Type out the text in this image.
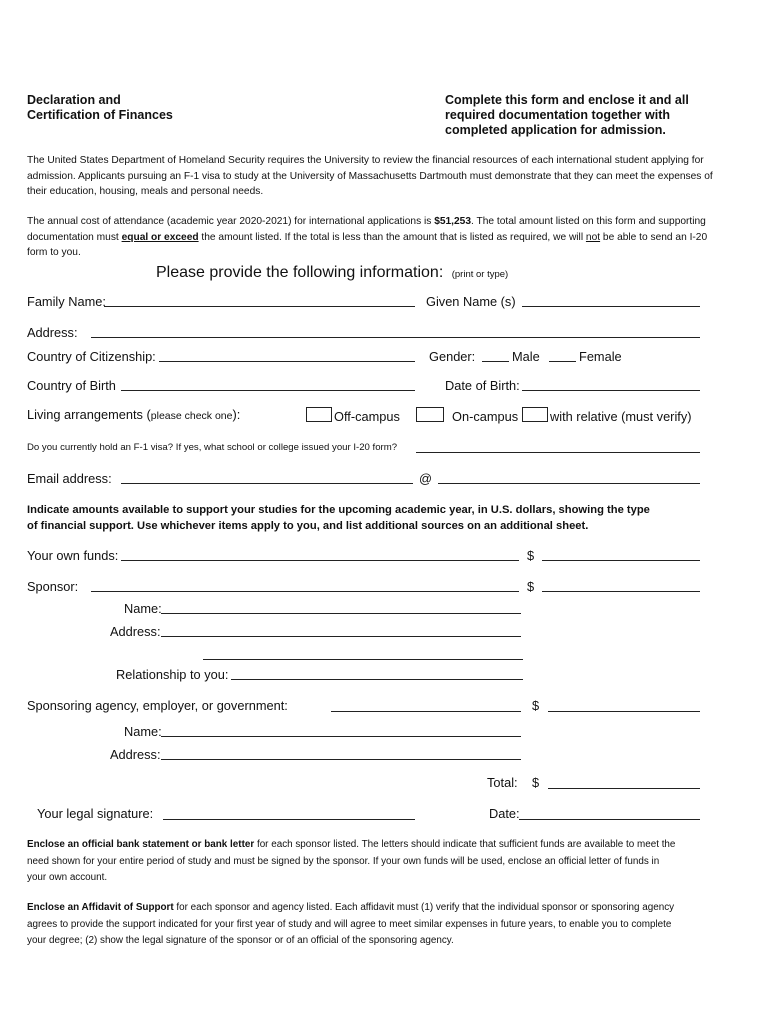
Declaration and
Certification of Finances
Complete this form and enclose it and all
required documentation together with
completed application for admission.
The United States Department of Homeland Security requires the University to review the financial resources of each international student applying for
admission. Applicants pursuing an F-1 visa to study at the University of Massachusetts Dartmouth must demonstrate that they can meet the expenses of
their education, housing, meals and personal needs.
The annual cost of attendance (academic year 2020-2021) for international applications is $51,253. The total amount listed on this form and supporting
documentation must equal or exceed the amount listed. If the total is less than the amount that is listed as required, we will not be able to send an I-20
form to you.
Please provide the following information: (print or type)
Family Name:	Given Name (s)
Address:
Country of Citizenship:	Gender:	Male	Female
Country of Birth	Date of Birth:
Living arrangements (please check one):	Off-campus	On-campus with relative (must verify)
Do you currently hold an F-1 visa? If yes, what school or college issued your I-20 form?
Email address:	@
Indicate amounts available to support your studies for the upcoming academic year, in U.S. dollars, showing the type
of financial support. Use whichever items apply to you, and list additional sources on an additional sheet.
Your own funds:	$
Sponsor:	$
Name:
Address:
Relationship to you:
Sponsoring agency, employer, or government:	$
Name:
Address:
Total: $
Your legal signature:	Date:
Enclose an official bank statement or bank letter for each sponsor listed. The letters should indicate that sufficient funds are available to meet the
need shown for your entire period of study and must be signed by the sponsor. If your own funds will be used, enclose an official letter of funds in
your own account.
Enclose an Affidavit of Support for each sponsor and agency listed. Each affidavit must (1) verify that the individual sponsor or sponsoring agency
agrees to provide the support indicated for your first year of study and will agree to meet similar expenses in future years, to enable you to complete
your degree; (2) show the legal signature of the sponsor or of an official of the sponsoring agency.
